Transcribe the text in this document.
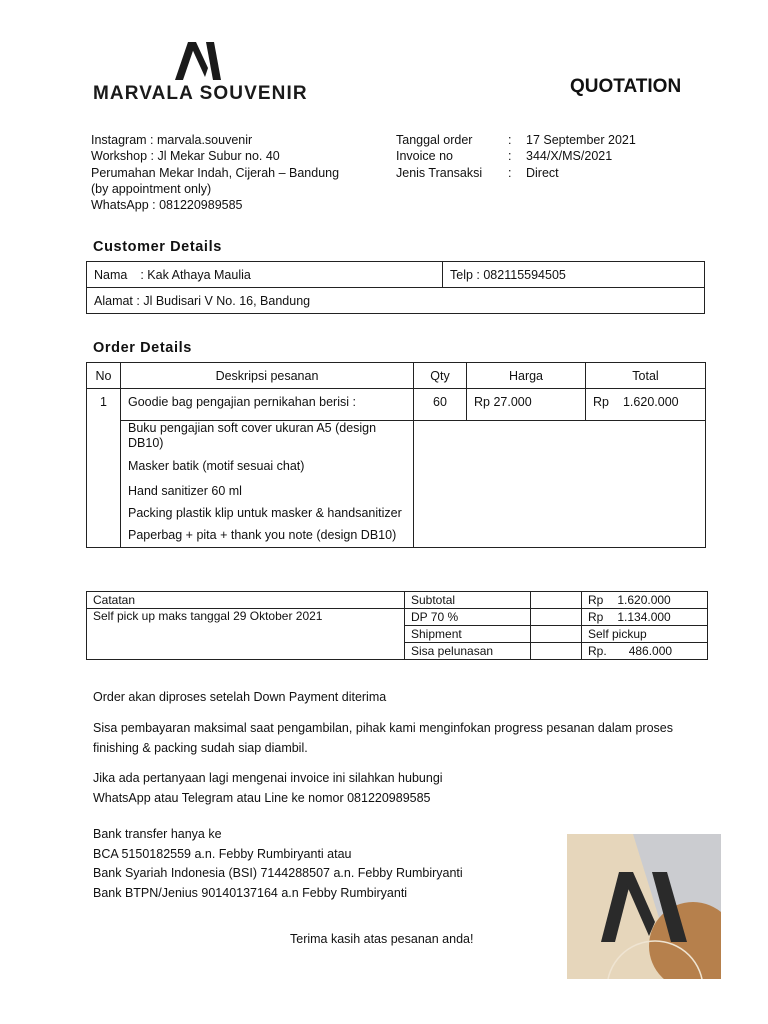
MARVALA SOUVENIR	QUOTATION
Instagram : marvala.souvenir
Workshop : Jl Mekar Subur no. 40
Perumahan Mekar Indah, Cijerah – Bandung
(by appointment only)
WhatsApp : 081220989585
Tanggal order	:	17 September 2021
Invoice no	:	344/X/MS/2021
Jenis Transaksi	:	Direct
Customer Details
Nama : Kak Athaya Maulia	Telp : 082115594505
Alamat : Jl Budisari V No. 16, Bandung
Order Details
No	Deskripsi pesanan	Qty	Harga	Total
1	Goodie bag pengajian pernikahan berisi :	60	Rp 27.000	Rp 1.620.000

	Buku pengajian soft cover ukuran A5 (design DB10)
Masker batik (motif sesuai chat)
Hand sanitizer 60 ml
Packing plastik klip untuk masker & handsanitizer
Paperbag + pita + thank you note (design DB10)			

Catatan	Subtotal		Rp 1.620.000
Self pick up maks tanggal 29 Oktober 2021	DP 70 %		Rp 1.134.000
	Shipment		Self pickup
	Sisa pelunasan		Rp. 486.000
Order akan diproses setelah Down Payment diterima
Sisa pembayaran maksimal saat pengambilan, pihak kami menginfokan progress pesanan dalam proses finishing & packing sudah siap diambil.
Jika ada pertanyaan lagi mengenai invoice ini silahkan hubungi
WhatsApp atau Telegram atau Line ke nomor 081220989585
Bank transfer hanya ke
BCA 5150182559 a.n. Febby Rumbiryanti atau
Bank Syariah Indonesia (BSI) 7144288507 a.n. Febby Rumbiryanti
Bank BTPN/Jenius 90140137164 a.n Febby Rumbiryanti
Terima kasih atas pesanan anda!
